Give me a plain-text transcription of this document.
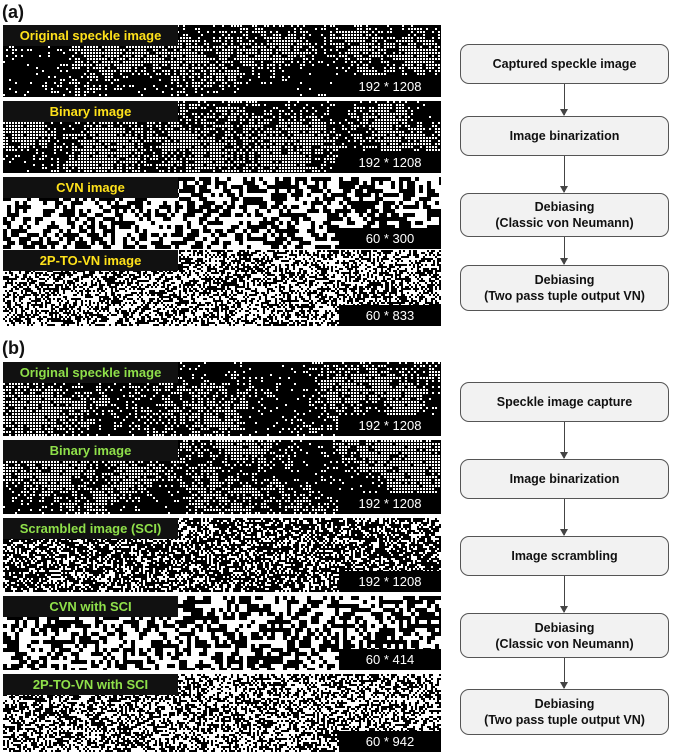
(a)
Original speckle image
192 * 1208
Binary image
192 * 1208
CVN image
60 * 300
2P-TO-VN image
60 * 833
Captured speckle image
Image binarization
Debiasing
(Classic von Neumann)
Debiasing
(Two pass tuple output VN)
(b)
Original speckle image
192 * 1208
Binary image
192 * 1208
Scrambled image (SCI)
192 * 1208
CVN with SCI
60 * 414
2P-TO-VN with SCI
60 * 942
Speckle image capture
Image binarization
Image scrambling
Debiasing
(Classic von Neumann)
Debiasing
(Two pass tuple output VN)
